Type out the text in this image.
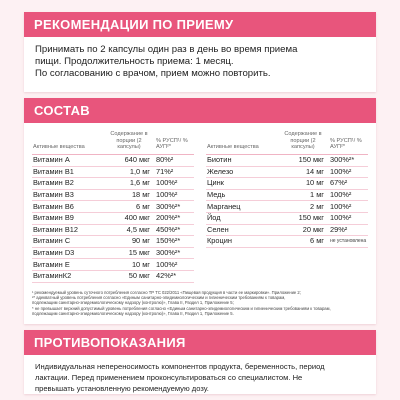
РЕКОМЕНДАЦИИ ПО ПРИЕМУ
Принимать по 2 капсулы один раз в день во время приема
пищи. Продолжительность приема: 1 месяц.
По согласованию с врачом, прием можно повторить.
СОСТАВ
Активные вещества
Содержание в порции (2 капсулы)
% РУСП¹/ % АУП²*
Витамин А	640 мкг 80%²
Витамин В1	1,0 мг 71%²
Витамин В2	1,6 мг 100%²
Витамин В3	18 мг 100%²
Витамин В6	6 мг 300%²*
Витамин В9	400 мкг 200%²*
Витамин В12	4,5 мкг 450%²*
Витамин С	90 мг 150%²*
Витамин D3	15 мкг 300%²*
Витамин Е	10 мг 100%²
ВитаминК2	50 мкг 42%²*
Активные вещества
Содержание в порции (2 капсулы)
% РУСП¹/ % АУП²*
Биотин	150 мкг 300%²*
Железо	14 мг 100%²
Цинк	10 мг 67%²
Медь	1 мг 100%²
Марганец	2 мг 100%²
Йод	150 мкг 100%²
Селен	20 мкг 29%²
Кроцин	6 мг	не установлена
¹ рекомендуемый уровень суточного потребления согласно ТР ТС 022/2011 «Пищевая продукция в части ее маркировки». Приложение 2;
²* адекватный уровень потребления согласно «Единым санитарно-эпидемиологическим и гигиеническим требованиям к товарам,
подлежащим санитарно-эпидемиологическому надзору (контролю)», Глава II, Раздел 1, Приложение 5;
* не превышает верхний допустимый уровень потребления согласно «Единым санитарно-эпидемиологическим и гигиеническим требованиям к товарам,
подлежащим санитарно-эпидемиологическому надзору (контролю)», Глава II, Раздел 1, Приложение 5.
ПРОТИВОПОКАЗАНИЯ
Индивидуальная непереносимость компонентов продукта, беременность, период
лактации. Перед применением проконсультироваться со специалистом. Не
превышать установленную рекомендуемую дозу.
